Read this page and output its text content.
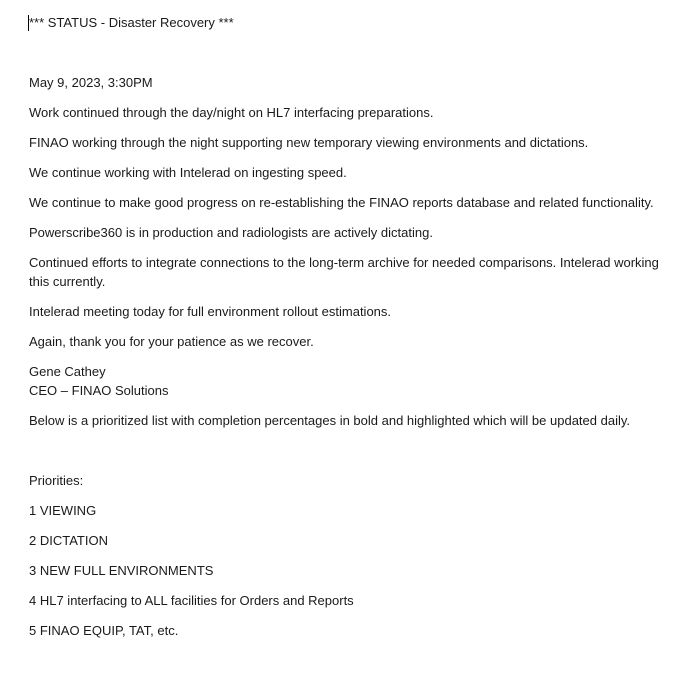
*** STATUS - Disaster Recovery ***

May 9, 2023, 3:30PM

Work continued through the day/night on HL7 interfacing preparations.

FINAO working through the night supporting new temporary viewing environments and dictations.

We continue working with Intelerad on ingesting speed.

We continue to make good progress on re-establishing the FINAO reports database and related functionality.

Powerscribe360 is in production and radiologists are actively dictating.

Continued efforts to integrate connections to the long-term archive for needed comparisons. Intelerad working this currently.

Intelerad meeting today for full environment rollout estimations.

Again, thank you for your patience as we recover.

Gene Cathey

CEO – FINAO Solutions

Below is a prioritized list with completion percentages in bold and highlighted which will be updated daily.

Priorities:

1 VIEWING

2 DICTATION

3 NEW FULL ENVIRONMENTS

4 HL7 interfacing to ALL facilities for Orders and Reports

5 FINAO EQUIP, TAT, etc.
